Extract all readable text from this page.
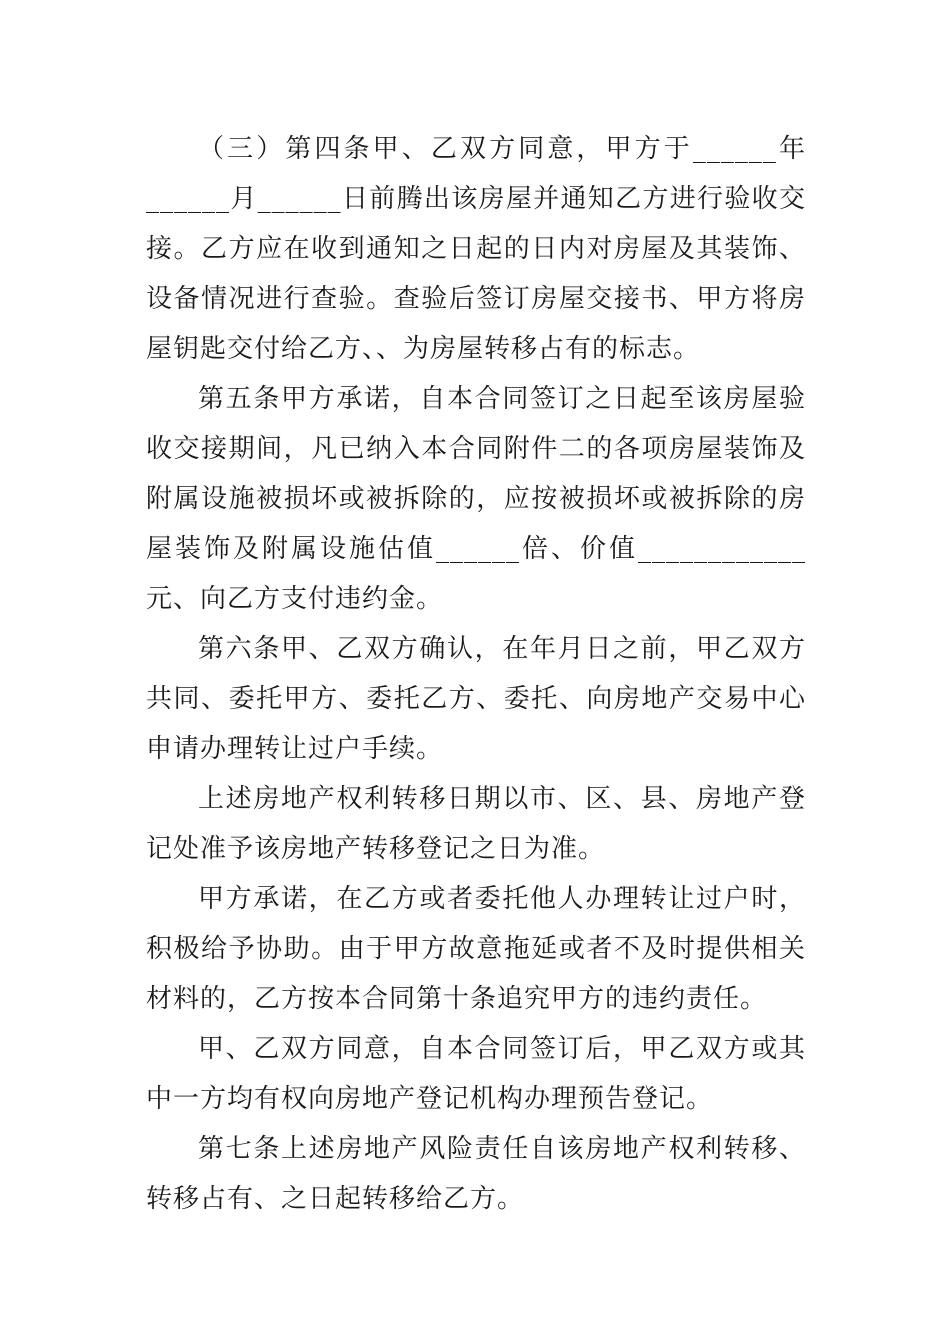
（三）第四条甲、乙双方同意，甲方于______年______月______日前腾出该房屋并通知乙方进行验收交接。乙方应在收到通知之日起的日内对房屋及其装饰、设备情况进行查验。查验后签订房屋交接书、甲方将房屋钥匙交付给乙方、、为房屋转移占有的标志。

第五条甲方承诺，自本合同签订之日起至该房屋验收交接期间，凡已纳入本合同附件二的各项房屋装饰及附属设施被损坏或被拆除的，应按被损坏或被拆除的房屋装饰及附属设施估值______倍、价值____________元、向乙方支付违约金。

第六条甲、乙双方确认，在年月日之前，甲乙双方共同、委托甲方、委托乙方、委托、向房地产交易中心申请办理转让过户手续。

上述房地产权利转移日期以市、区、县、房地产登记处准予该房地产转移登记之日为准。

甲方承诺，在乙方或者委托他人办理转让过户时，积极给予协助。由于甲方故意拖延或者不及时提供相关材料的，乙方按本合同第十条追究甲方的违约责任。

甲、乙双方同意，自本合同签订后，甲乙双方或其中一方均有权向房地产登记机构办理预告登记。

第七条上述房地产风险责任自该房地产权利转移、转移占有、之日起转移给乙方。
